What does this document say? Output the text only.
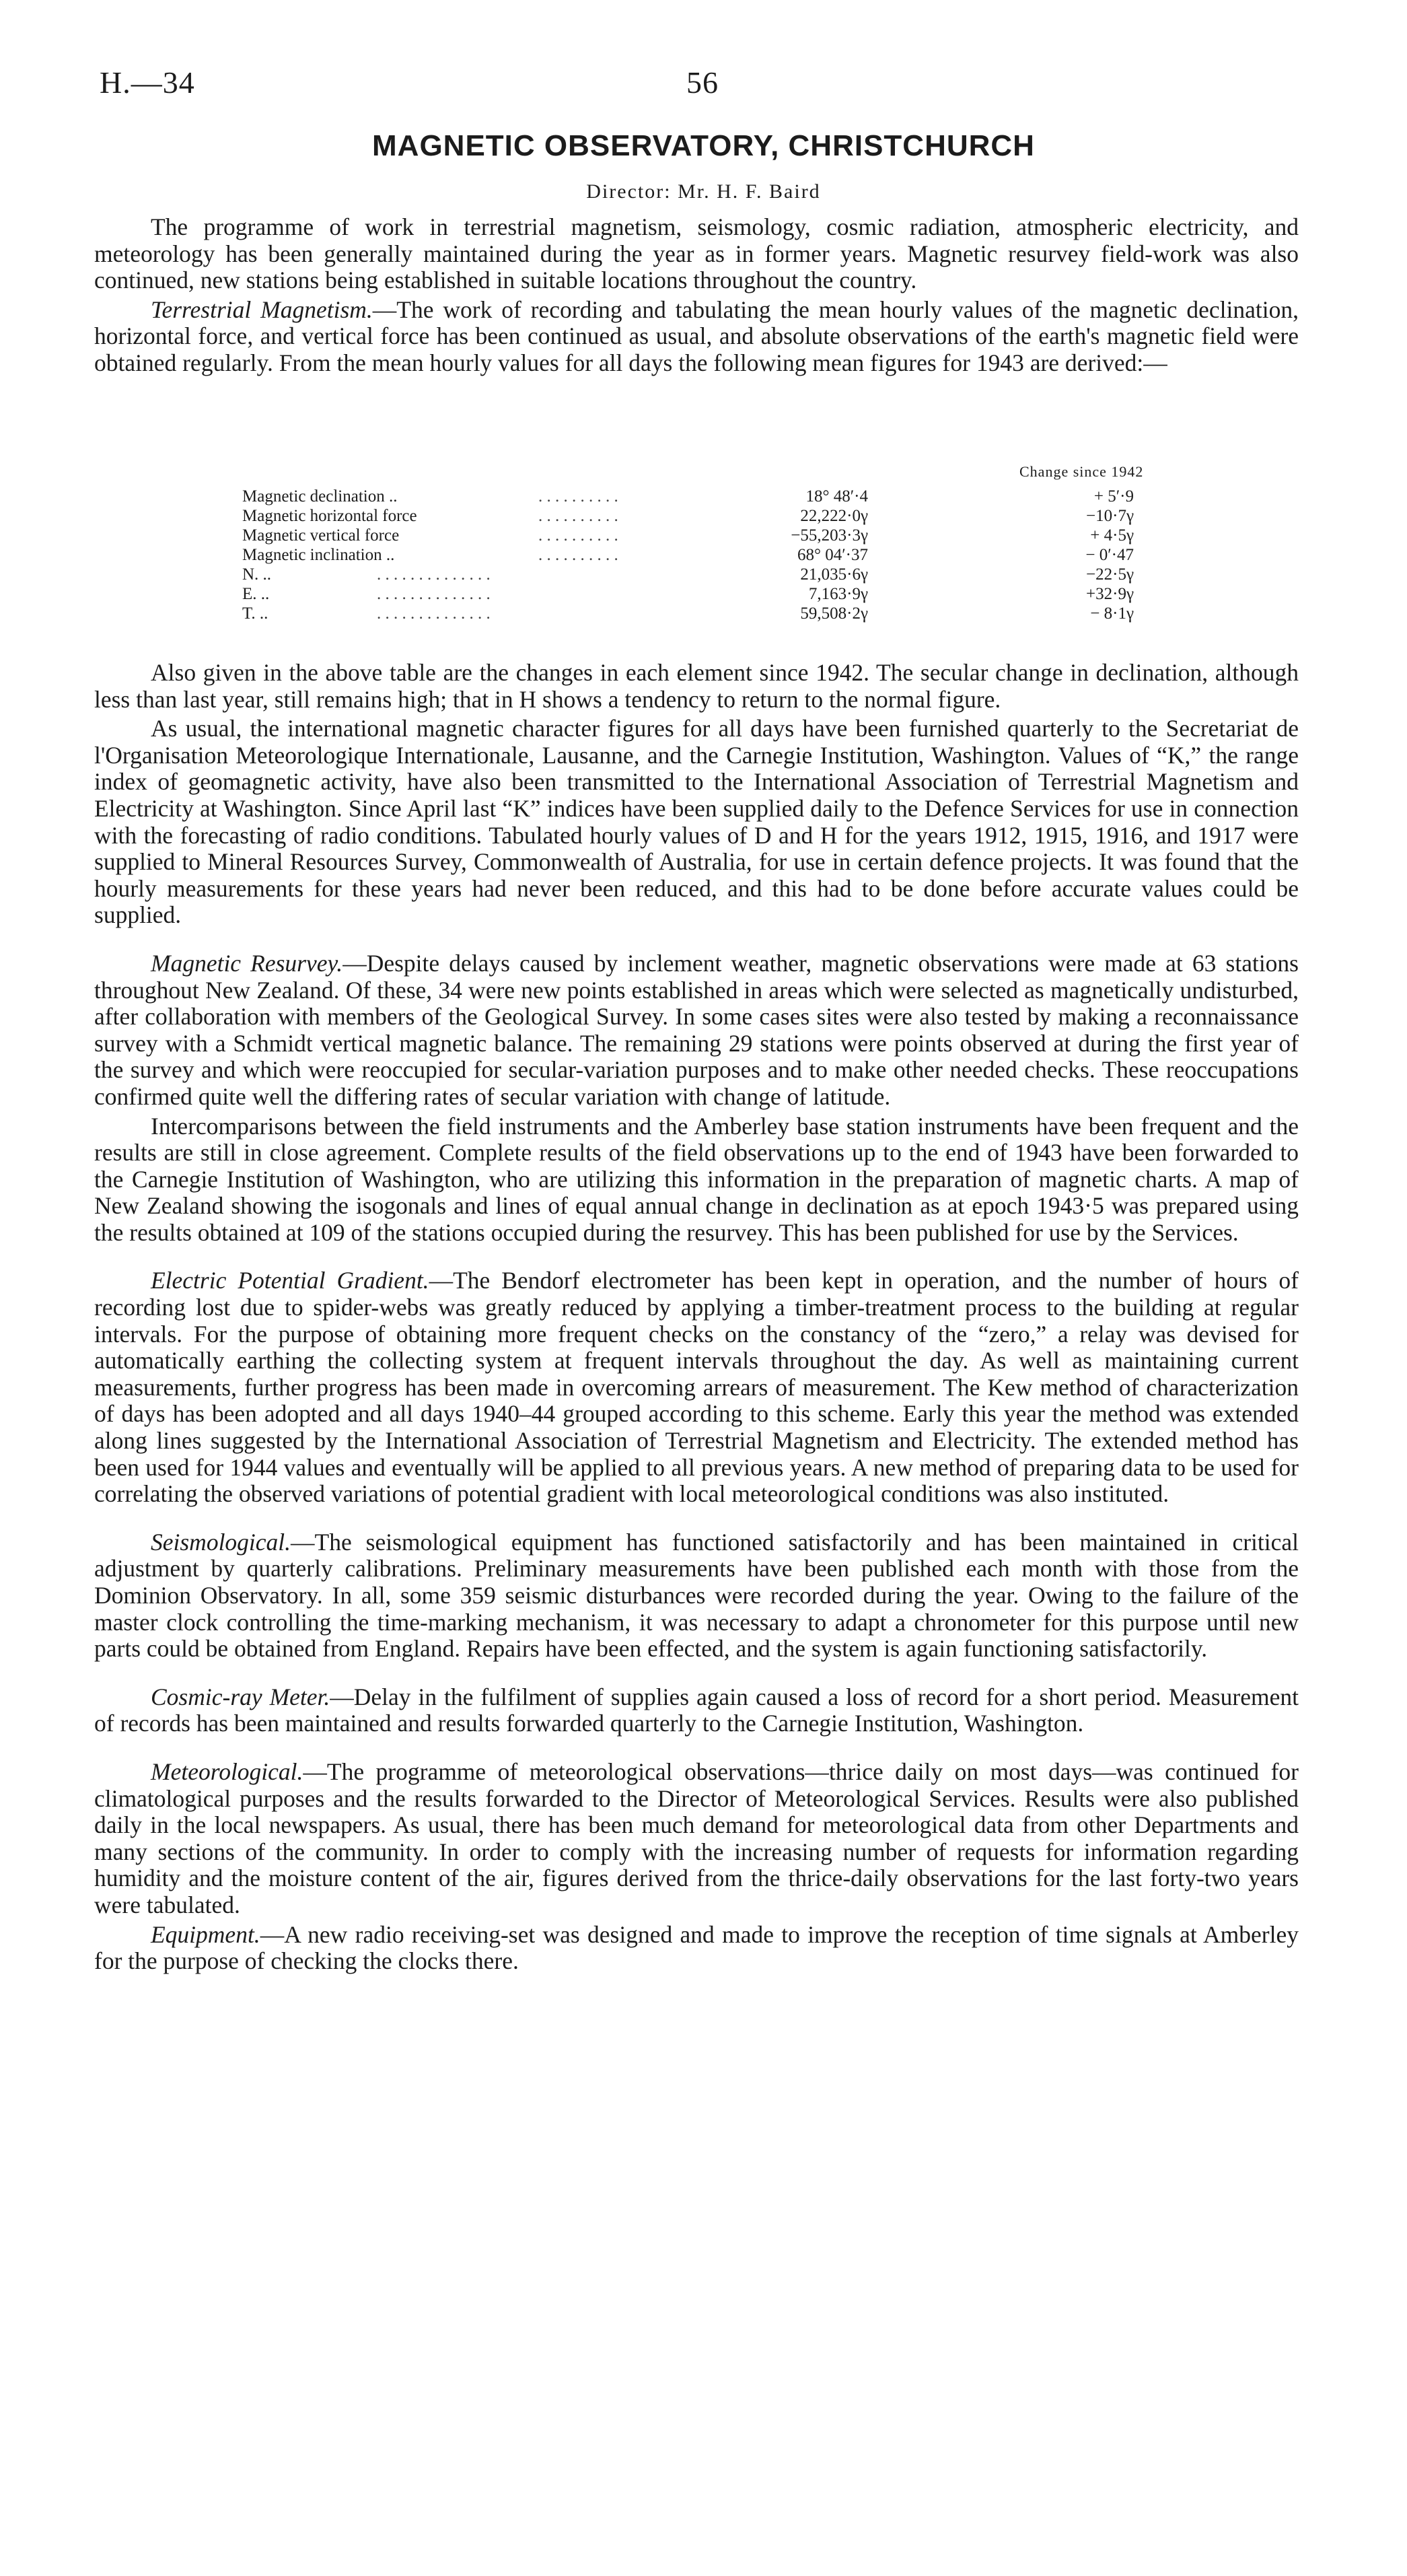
H.—34	56
MAGNETIC OBSERVATORY, CHRISTCHURCH
Director: Mr. H. F. Baird

The programme of work in terrestrial magnetism, seismology, cosmic radiation, atmospheric electricity, and meteorology has been generally maintained during the year as in former years. Magnetic resurvey field-work was also continued, new stations being established in suitable locations throughout the country.

Terrestrial Magnetism.—The work of recording and tabulating the mean hourly values of the magnetic declination, horizontal force, and vertical force has been continued as usual, and absolute observations of the earth's magnetic field were obtained regularly. From the mean hourly values for all days the following mean figures for 1943 are derived:—

Change since 1942
Magnetic declination ..	. . . . . . . . . .	18° 48′·4	+ 5′·9
Magnetic horizontal force	. . . . . . . . . .	22,222·0γ	−10·7γ
Magnetic vertical force	. . . . . . . . . .	−55,203·3γ	+ 4·5γ
Magnetic inclination ..	. . . . . . . . . .	68° 04′·37	− 0′·47
N. ..	. . . . . . . . . . . . . .	21,035·6γ	−22·5γ
E. ..	. . . . . . . . . . . . . .	7,163·9γ	+32·9γ
T. ..	. . . . . . . . . . . . . .	59,508·2γ	− 8·1γ

Also given in the above table are the changes in each element since 1942. The secular change in declination, although less than last year, still remains high; that in H shows a tendency to return to the normal figure.

As usual, the international magnetic character figures for all days have been furnished quarterly to the Secretariat de l'Organisation Meteorologique Internationale, Lausanne, and the Carnegie Institution, Washington. Values of “K,” the range index of geomagnetic activity, have also been transmitted to the International Association of Terrestrial Magnetism and Electricity at Washington. Since April last “K” indices have been supplied daily to the Defence Services for use in connection with the forecasting of radio conditions. Tabulated hourly values of D and H for the years 1912, 1915, 1916, and 1917 were supplied to Mineral Resources Survey, Commonwealth of Australia, for use in certain defence projects. It was found that the hourly measurements for these years had never been reduced, and this had to be done before accurate values could be supplied.

Magnetic Resurvey.—Despite delays caused by inclement weather, magnetic observations were made at 63 stations throughout New Zealand. Of these, 34 were new points established in areas which were selected as magnetically undisturbed, after collaboration with members of the Geological Survey. In some cases sites were also tested by making a reconnaissance survey with a Schmidt vertical magnetic balance. The remaining 29 stations were points observed at during the first year of the survey and which were reoccupied for secular-variation purposes and to make other needed checks. These reoccupations confirmed quite well the differing rates of secular variation with change of latitude.

Intercomparisons between the field instruments and the Amberley base station instruments have been frequent and the results are still in close agreement. Complete results of the field observations up to the end of 1943 have been forwarded to the Carnegie Institution of Washington, who are utilizing this information in the preparation of magnetic charts. A map of New Zealand showing the isogonals and lines of equal annual change in declination as at epoch 1943·5 was prepared using the results obtained at 109 of the stations occupied during the resurvey. This has been published for use by the Services.

Electric Potential Gradient.—The Bendorf electrometer has been kept in operation, and the number of hours of recording lost due to spider-webs was greatly reduced by applying a timber-treatment process to the building at regular intervals. For the purpose of obtaining more frequent checks on the constancy of the “zero,” a relay was devised for automatically earthing the collecting system at frequent intervals throughout the day. As well as maintaining current measurements, further progress has been made in overcoming arrears of measurement. The Kew method of characterization of days has been adopted and all days 1940–44 grouped according to this scheme. Early this year the method was extended along lines suggested by the International Association of Terrestrial Magnetism and Electricity. The extended method has been used for 1944 values and eventually will be applied to all previous years. A new method of preparing data to be used for correlating the observed variations of potential gradient with local meteorological conditions was also instituted.

Seismological.—The seismological equipment has functioned satisfactorily and has been maintained in critical adjustment by quarterly calibrations. Preliminary measurements have been published each month with those from the Dominion Observatory. In all, some 359 seismic disturbances were recorded during the year. Owing to the failure of the master clock controlling the time-marking mechanism, it was necessary to adapt a chronometer for this purpose until new parts could be obtained from England. Repairs have been effected, and the system is again functioning satisfactorily.

Cosmic-ray Meter.—Delay in the fulfilment of supplies again caused a loss of record for a short period. Measurement of records has been maintained and results forwarded quarterly to the Carnegie Institution, Washington.

Meteorological.—The programme of meteorological observations—thrice daily on most days—was continued for climatological purposes and the results forwarded to the Director of Meteorological Services. Results were also published daily in the local newspapers. As usual, there has been much demand for meteorological data from other Departments and many sections of the community. In order to comply with the increasing number of requests for information regarding humidity and the moisture content of the air, figures derived from the thrice-daily observations for the last forty-two years were tabulated.

Equipment.—A new radio receiving-set was designed and made to improve the reception of time signals at Amberley for the purpose of checking the clocks there.
